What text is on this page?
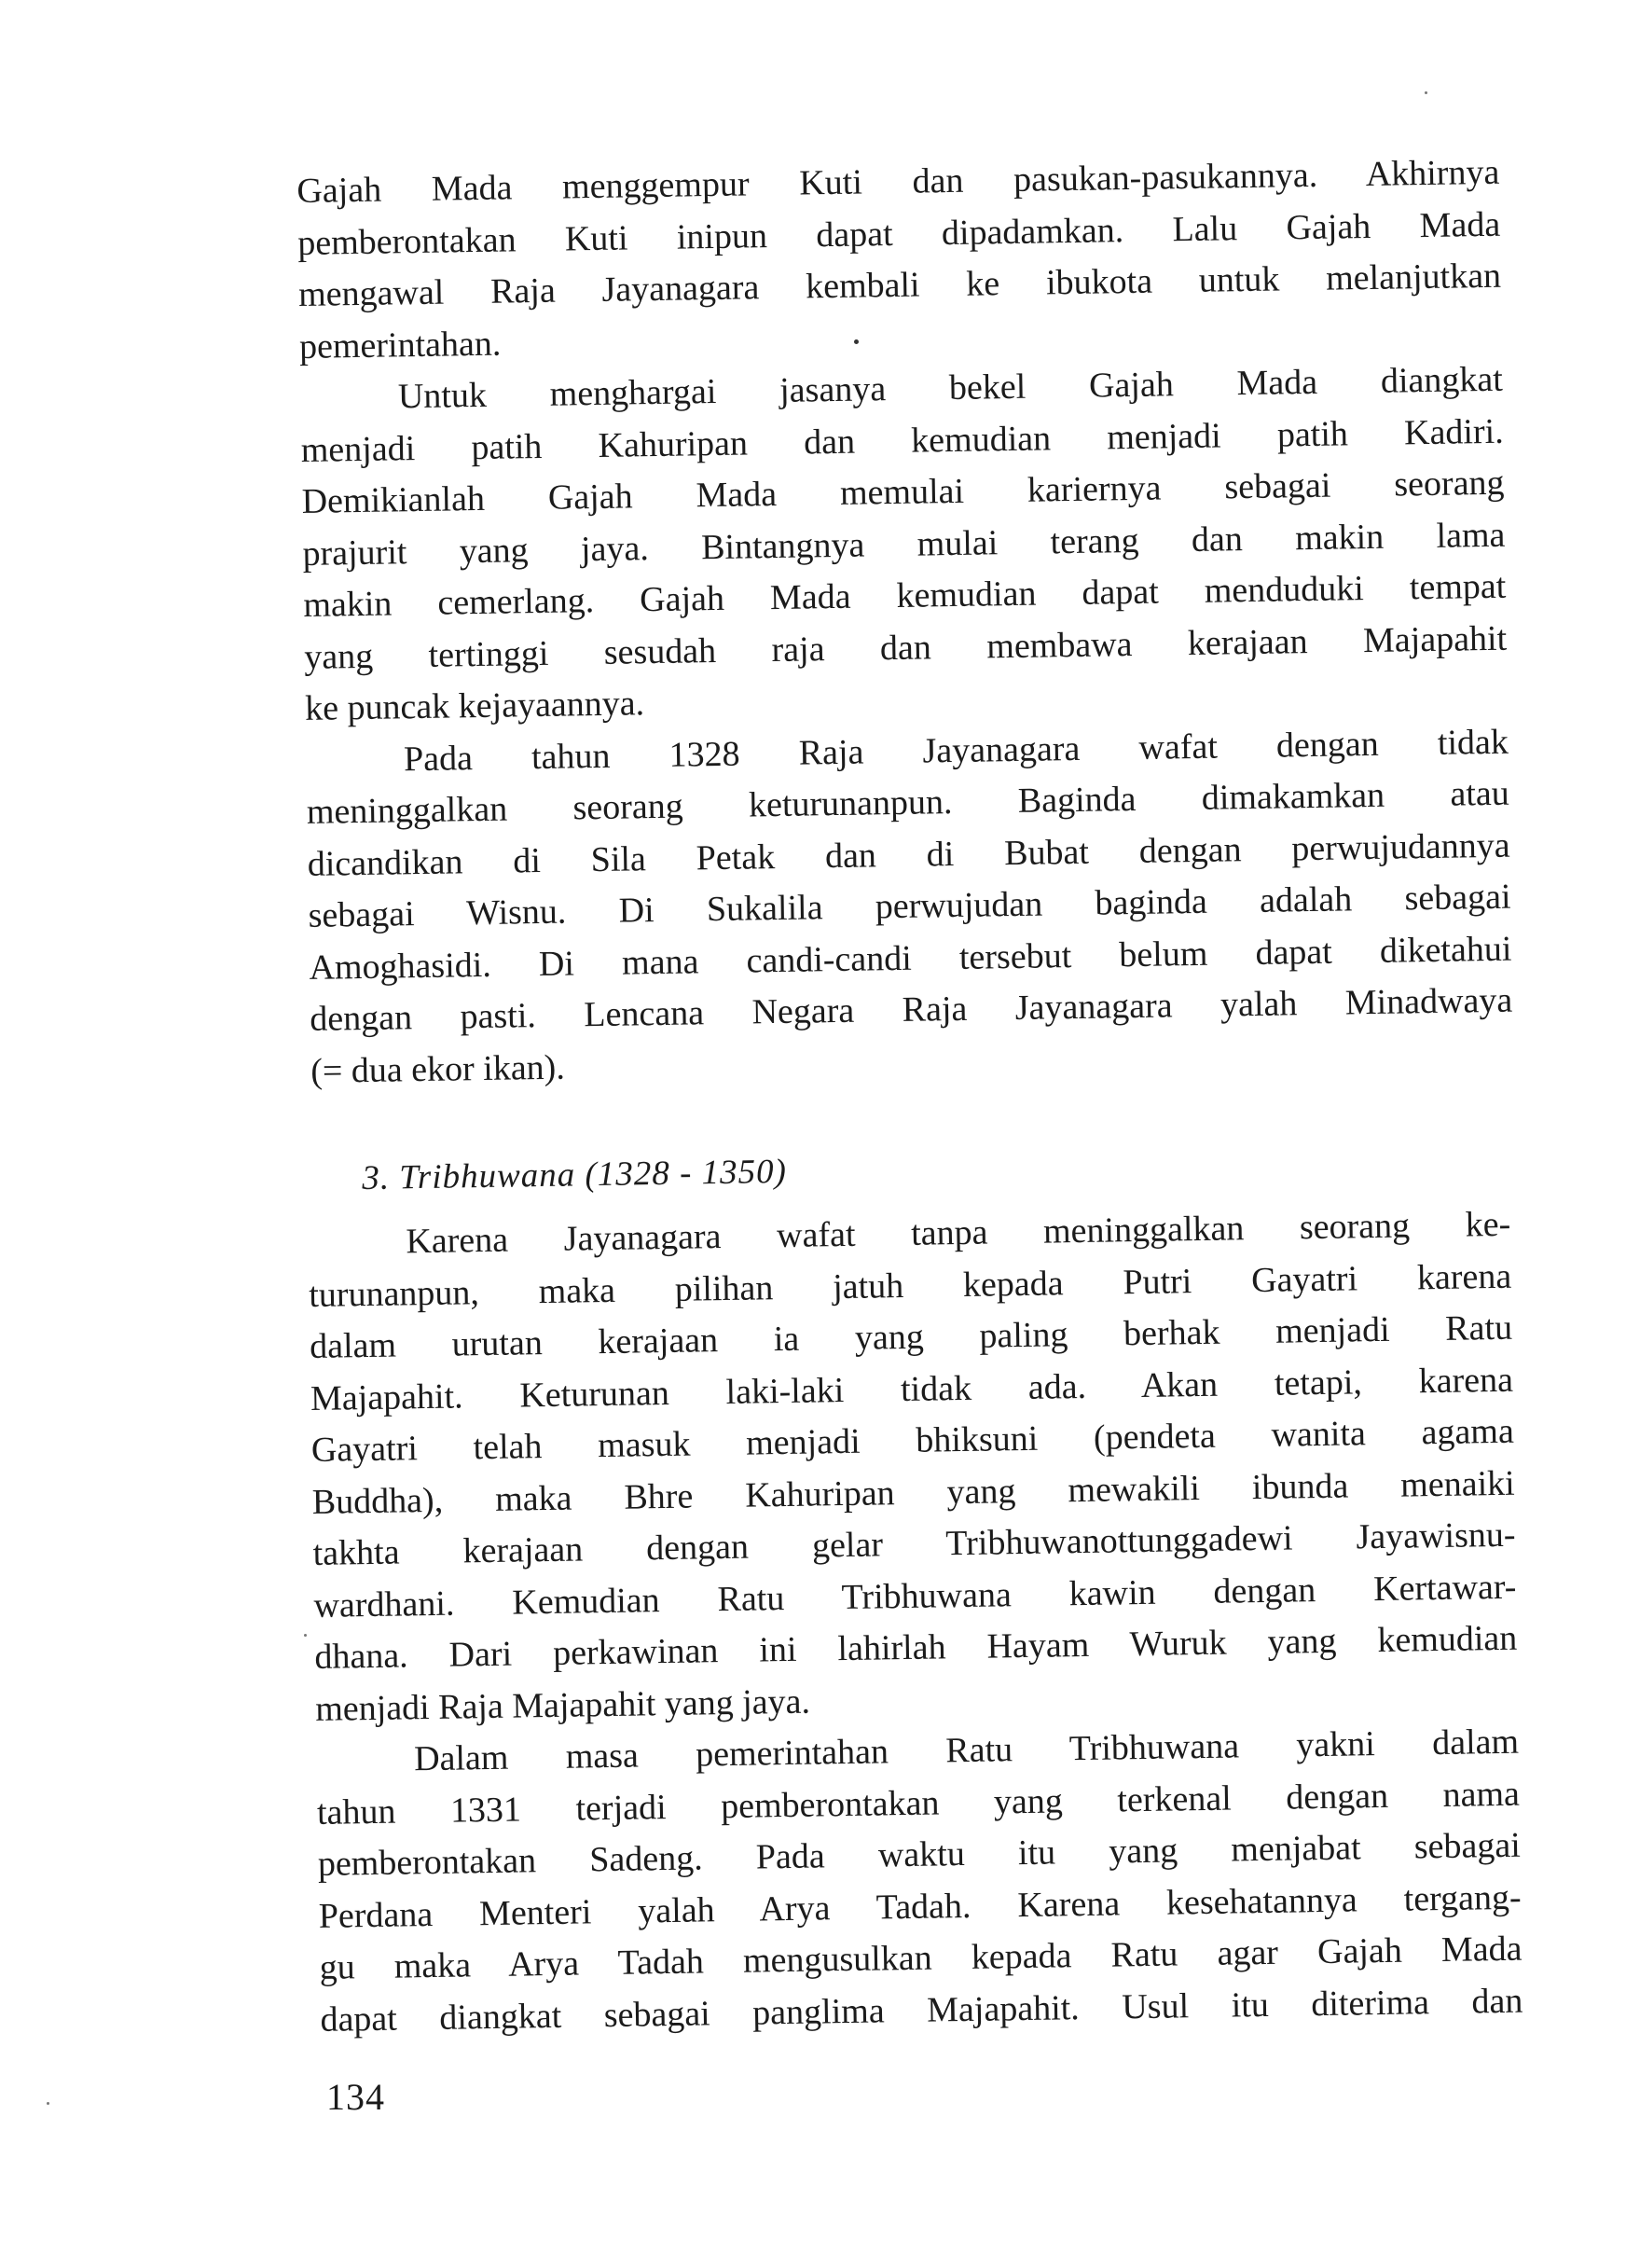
Gajah Mada menggempur Kuti dan pasukan-pasukannya. Akhirnya
pemberontakan Kuti inipun dapat dipadamkan. Lalu Gajah Mada
mengawal Raja Jayanagara kembali ke ibukota untuk melanjutkan
pemerintahan.
Untuk menghargai jasanya bekel Gajah Mada diangkat
menjadi patih Kahuripan dan kemudian menjadi patih Kadiri.
Demikianlah Gajah Mada memulai kariernya sebagai seorang
prajurit yang jaya. Bintangnya mulai terang dan makin lama
makin cemerlang. Gajah Mada kemudian dapat menduduki tempat
yang tertinggi sesudah raja dan membawa kerajaan Majapahit
ke puncak kejayaannya.
Pada tahun 1328 Raja Jayanagara wafat dengan tidak
meninggalkan seorang keturunanpun. Baginda dimakamkan atau
dicandikan di Sila Petak dan di Bubat dengan perwujudannya
sebagai Wisnu. Di Sukalila perwujudan baginda adalah sebagai
Amoghasidi. Di mana candi-candi tersebut belum dapat diketahui
dengan pasti. Lencana Negara Raja Jayanagara yalah Minadwaya
(= dua ekor ikan).
3. Tribhuwana (1328 - 1350)
Karena Jayanagara wafat tanpa meninggalkan seorang ke-
turunanpun, maka pilihan jatuh kepada Putri Gayatri karena
dalam urutan kerajaan ia yang paling berhak menjadi Ratu
Majapahit. Keturunan laki-laki tidak ada. Akan tetapi, karena
Gayatri telah masuk menjadi bhiksuni (pendeta wanita agama
Buddha), maka Bhre Kahuripan yang mewakili ibunda menaiki
takhta kerajaan dengan gelar Tribhuwanottunggadewi Jayawisnu-
wardhani. Kemudian Ratu Tribhuwana kawin dengan Kertawar-
dhana. Dari perkawinan ini lahirlah Hayam Wuruk yang kemudian
menjadi Raja Majapahit yang jaya.
Dalam masa pemerintahan Ratu Tribhuwana yakni dalam
tahun 1331 terjadi pemberontakan yang terkenal dengan nama
pemberontakan Sadeng. Pada waktu itu yang menjabat sebagai
Perdana Menteri yalah Arya Tadah. Karena kesehatannya tergang-
gu maka Arya Tadah mengusulkan kepada Ratu agar Gajah Mada
dapat diangkat sebagai panglima Majapahit. Usul itu diterima dan
134
